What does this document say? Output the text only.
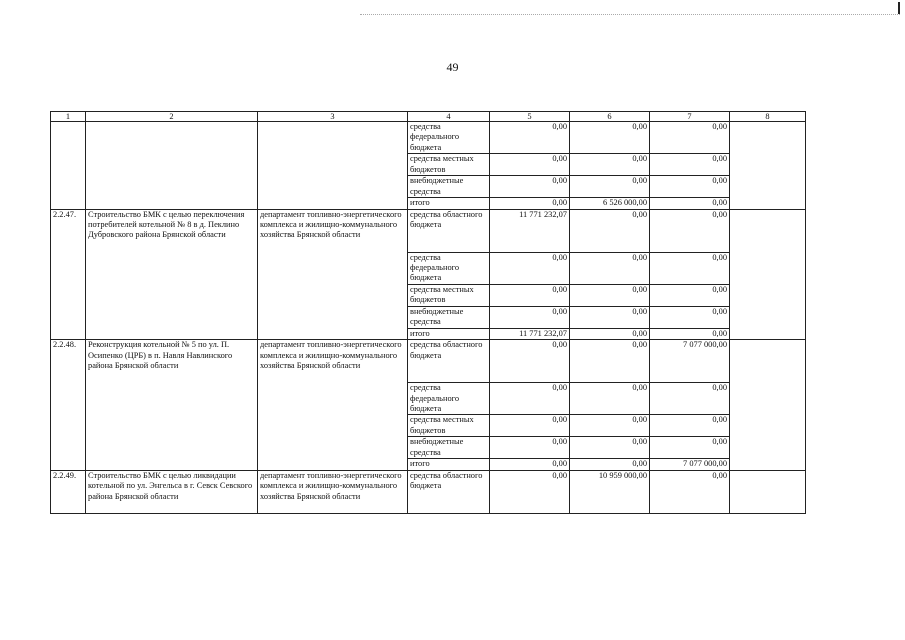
49
1	2	3	4	5	6	7	8
			средства федерального бюджета	0,00	0,00	0,00	
			средства местных бюджетов	0,00	0,00	0,00	
			внебюджетные средства	0,00	0,00	0,00	
			итого	0,00	6 526 000,00	0,00	
2.2.47.	Строительство БМК с целью переключения потребителей котельной № 8 в д. Пеклино Дубровского района Брянской области	департамент топливно-энергетического комплекса и жилищно-коммунального хозяйства Брянской области	средства областного бюджета	11 771 232,07	0,00	0,00	
			средства федерального бюджета	0,00	0,00	0,00	
			средства местных бюджетов	0,00	0,00	0,00	
			внебюджетные средства	0,00	0,00	0,00	
			итого	11 771 232,07	0,00	0,00	
2.2.48.	Реконструкция котельной № 5 по ул. П. Осипенко (ЦРБ) в п. Навля Навлинского района Брянской области	департамент топливно-энергетического комплекса и жилищно-коммунального хозяйства Брянской области	средства областного бюджета	0,00	0,00	7 077 000,00	
			средства федерального бюджета	0,00	0,00	0,00	
			средства местных бюджетов	0,00	0,00	0,00	
			внебюджетные средства	0,00	0,00	0,00	
			итого	0,00	0,00	7 077 000,00	
2.2.49.	Строительство БМК с целью ликвидации котельной по ул. Энгельса в г. Севск Севского района Брянской области	департамент топливно-энергетического комплекса и жилищно-коммунального хозяйства Брянской области	средства областного бюджета	0,00	10 959 000,00	0,00	
